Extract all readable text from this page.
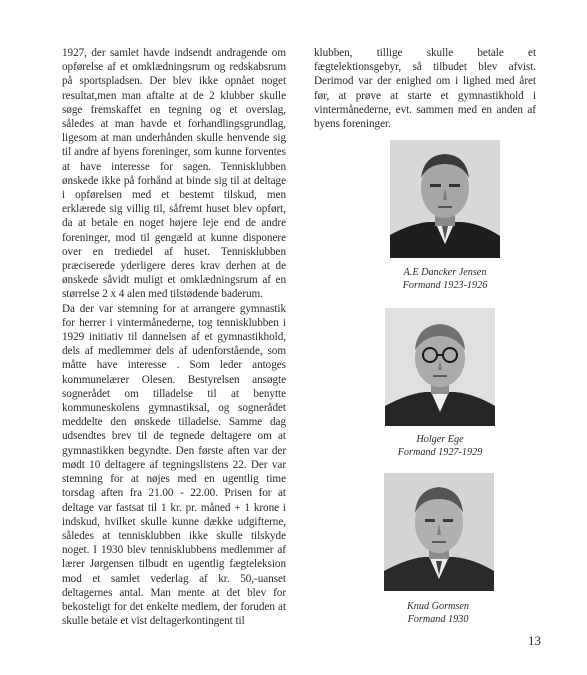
1927, der samlet havde indsendt andragende om opførelse af et omklædningsrum og redskabsrum på sportspladsen. Der blev ikke opnået noget resultat,men man aftalte at de 2 klubber skulle søge fremskaffet en tegning og et overslag, således at man havde et forhandlingsgrundlag, ligesom at man underhånden skulle henvende sig til andre af byens foreninger, som kunne forventes at have interesse for sagen. Tennisklubben ønskede ikke på forhånd at binde sig til at deltage i opførelsen med et bestemt tilskud, men erklærede sig villig til, såfremt huset blev opført, da at betale en noget højere leje end de andre foreninger, mod til gengæld at kunne disponere over en trediedel af huset. Tennisklubben præciserede yderligere deres krav derhen at de ønskede såvidt muligt et omklædningsrum af en størrelse 2 x 4 alen med tilstødende baderum.

Da der var stemning for at arrangere gymnastik for herrer i vintermånederne, tog tennisklubben i 1929 initiativ til dannelsen af et gymnastikhold, dels af medlemmer dels af udenforstående, som måtte have interesse . Som leder antoges kommunelærer Olesen. Bestyrelsen ansøgte sognerådet om tilladelse til at benytte kommuneskolens gymnastiksal, og sognerådet meddelte den ønskede tilladelse. Samme dag udsendtes brev til de tegnede deltagere om at gymnastikken begyndte. Den første aften var der mødt 10 deltagere af tegningslistens 22. Der var stemning for at nøjes med en ugentlig time torsdag aften fra 21.00 - 22.00. Prisen for at deltage var fastsat til 1 kr. pr. måned + 1 krone i indskud, hvilket skulle kunne dække udgifterne, således at tennisklubben ikke skulle tilskyde noget. I 1930 blev tennisklubbens medlemmer af lærer Jørgensen tilbudt en ugentlig fægteleksion mod et samlet vederlag af kr. 50,-uanset deltagernes antal. Man mente at det blev for bekosteligt for det enkelte medlem, der foruden at skulle betale et vist deltagerkontingent til

klubben, tillige skulle betale et fægtelektionsgebyr, så tilbudet blev afvist. Derimod var der enighed om i lighed med året før, at prøve at starte et gymnastikhold i vintermånederne, evt. sammen med en anden af byens foreninger.

A.E Dancker Jensen
Formand 1923-1926
Holger Ege
Formand 1927-1929
Knud Gormsen
Formand 1930
13
